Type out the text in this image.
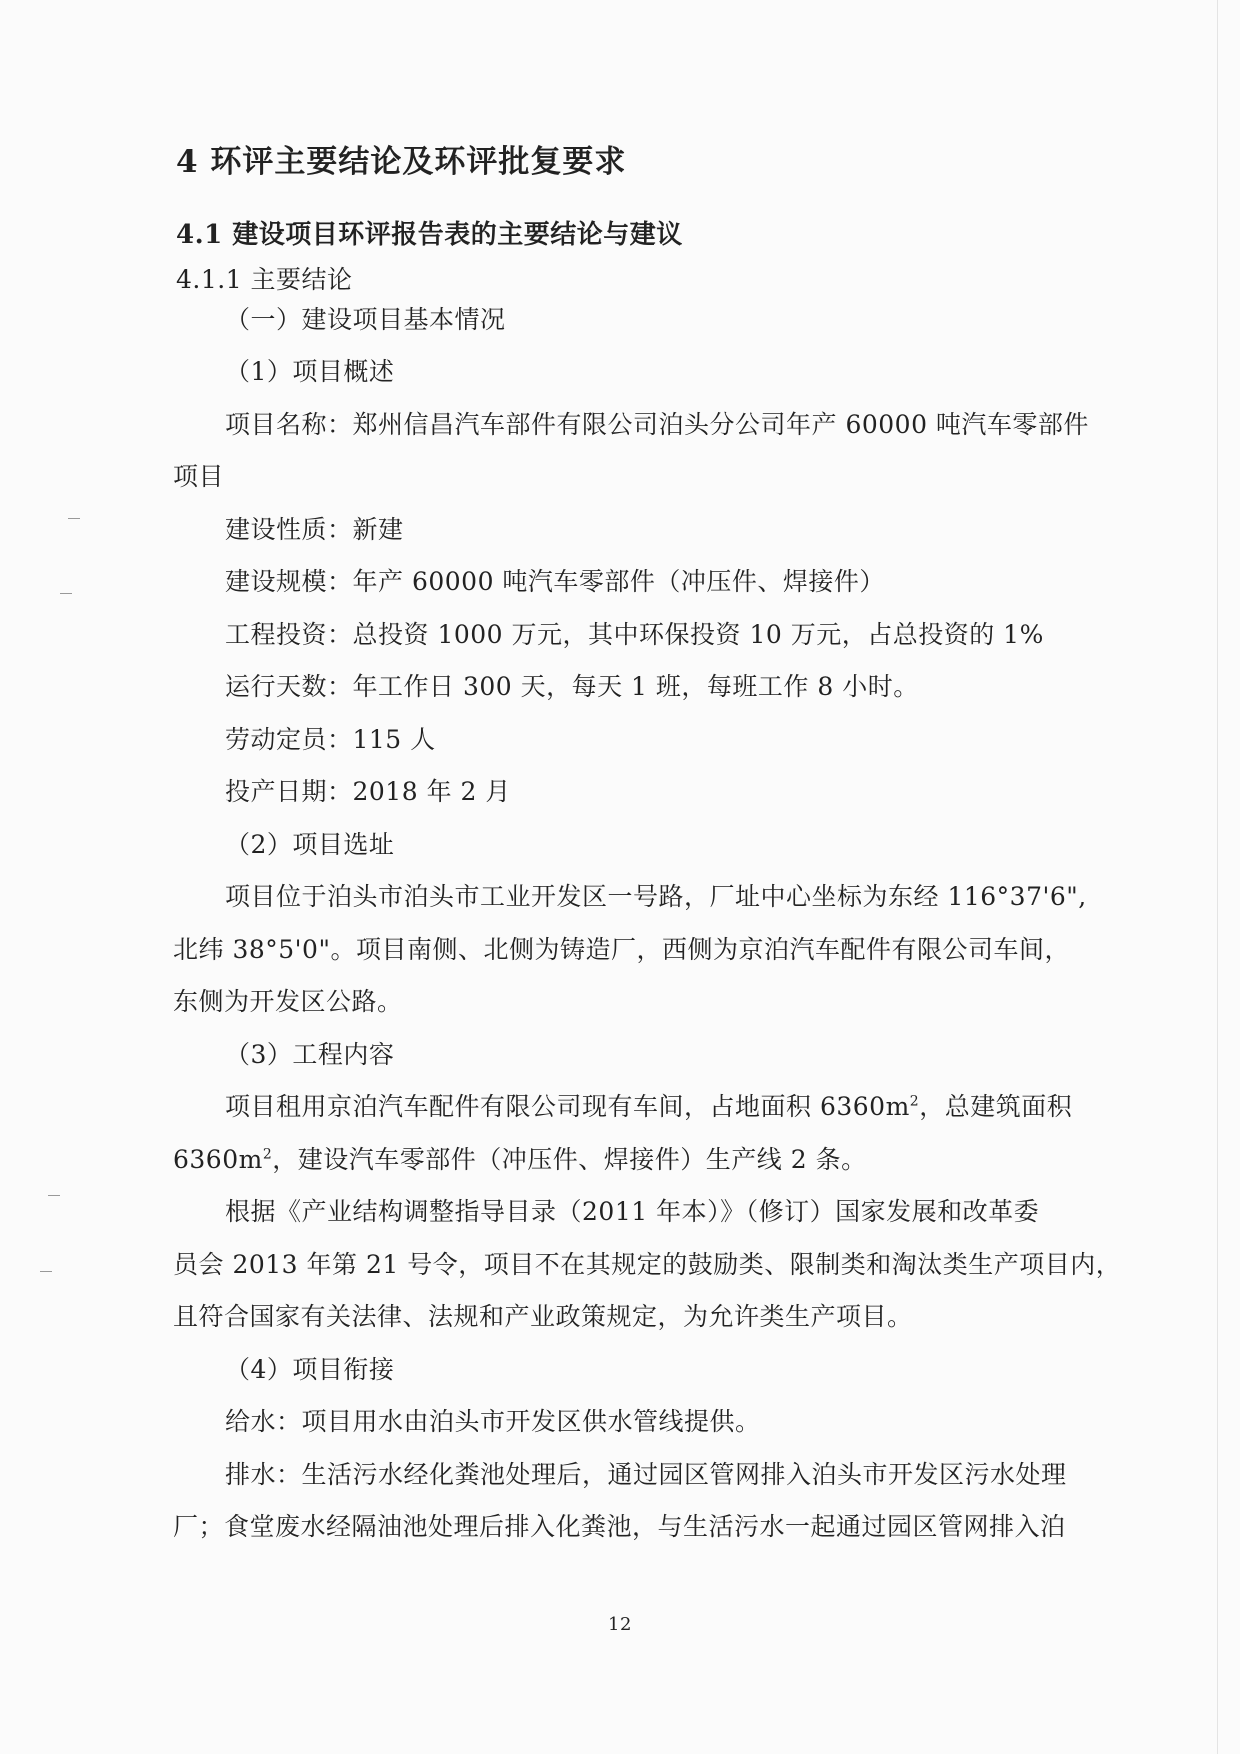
4 环评主要结论及环评批复要求
4.1 建设项目环评报告表的主要结论与建议
4.1.1 主要结论
（一）建设项目基本情况
（1）项目概述
项目名称：郑州信昌汽车部件有限公司泊头分公司年产 60000 吨汽车零部件
项目
建设性质：新建
建设规模：年产 60000 吨汽车零部件（冲压件、焊接件）
工程投资：总投资 1000 万元，其中环保投资 10 万元，占总投资的 1%
运行天数：年工作日 300 天，每天 1 班，每班工作 8 小时。
劳动定员：115 人
投产日期：2018 年 2 月
（2）项目选址
项目位于泊头市泊头市工业开发区一号路，厂址中心坐标为东经 116°37'6",
北纬 38°5'0"。项目南侧、北侧为铸造厂，西侧为京泊汽车配件有限公司车间，
东侧为开发区公路。
（3）工程内容
项目租用京泊汽车配件有限公司现有车间，占地面积 $6360m^2$，总建筑面积
$6360m^2$，建设汽车零部件（冲压件、焊接件）生产线 2 条。
根据《产业结构调整指导目录（2011 年本）》（修订）国家发展和改革委
员会 2013 年第 21 号令，项目不在其规定的鼓励类、限制类和淘汰类生产项目内，
且符合国家有关法律、法规和产业政策规定，为允许类生产项目。
（4）项目衔接
给水：项目用水由泊头市开发区供水管线提供。
排水：生活污水经化粪池处理后，通过园区管网排入泊头市开发区污水处理
厂；食堂废水经隔油池处理后排入化粪池，与生活污水一起通过园区管网排入泊
12
